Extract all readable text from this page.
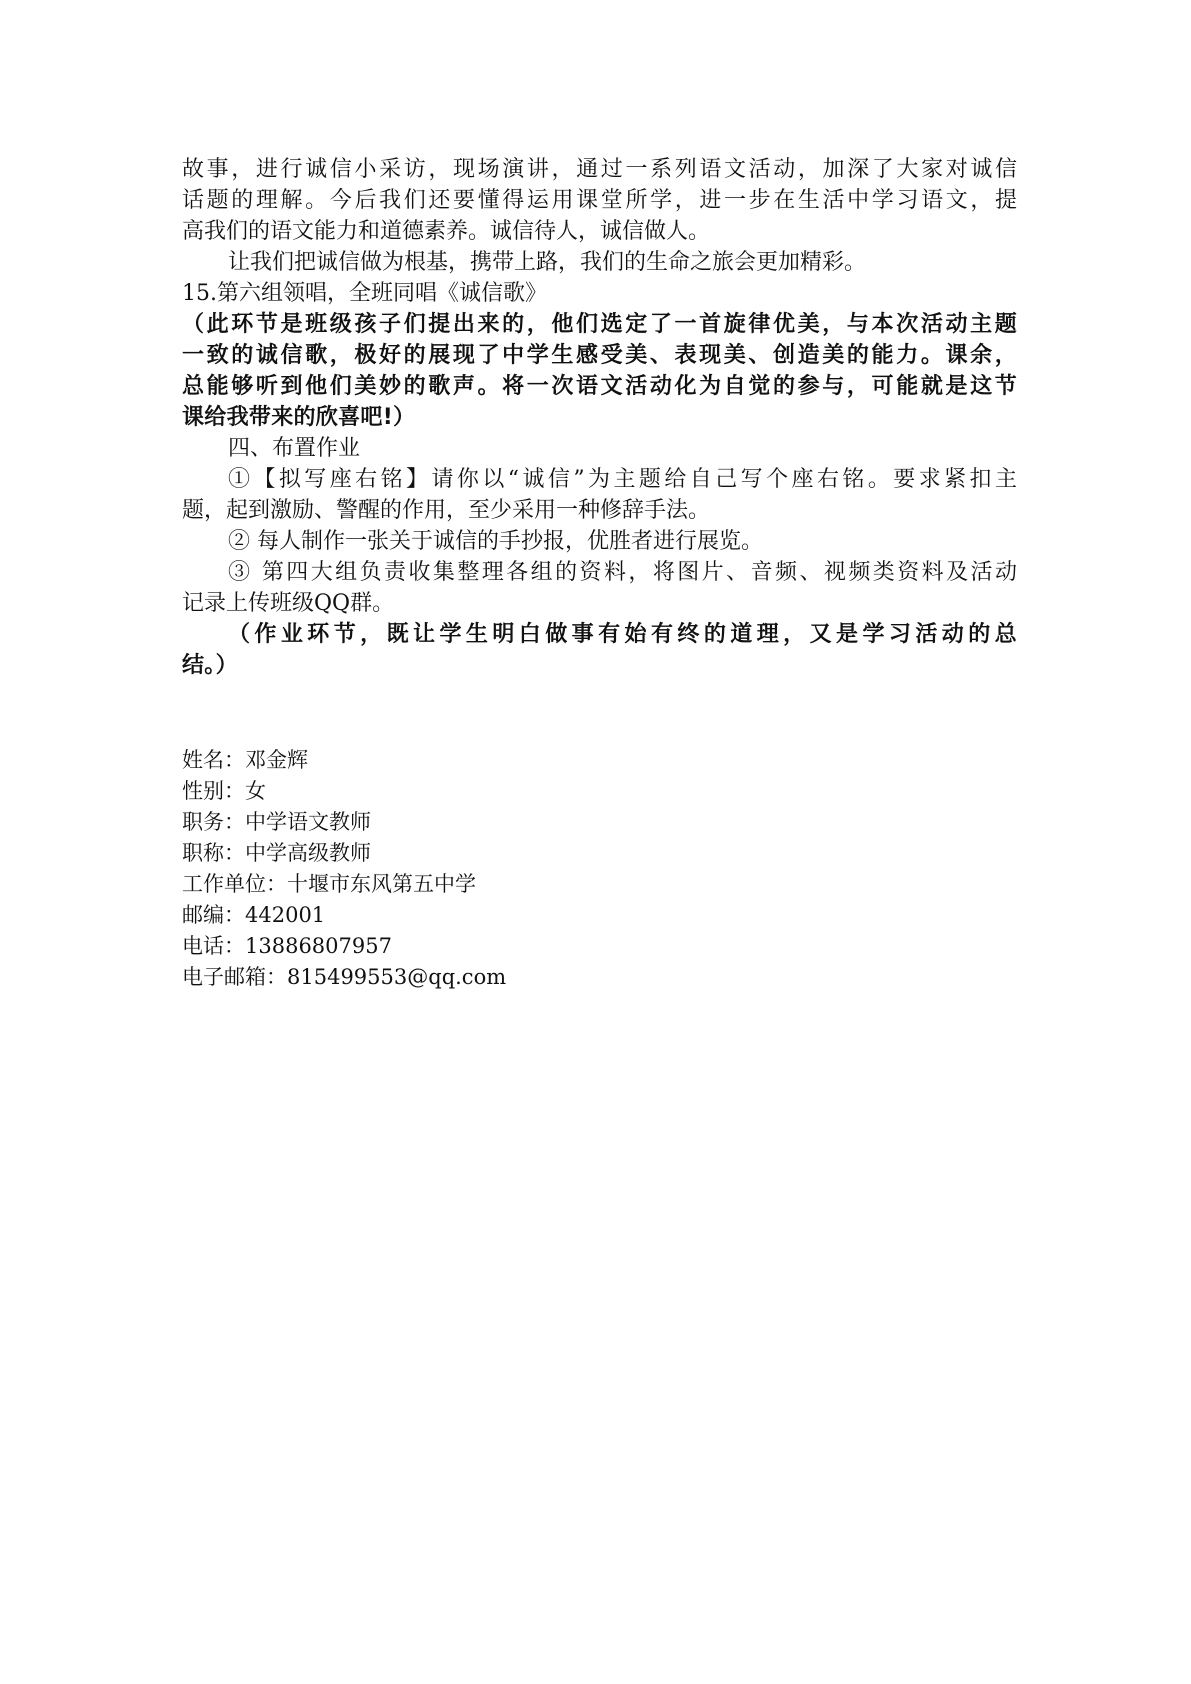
故事，进行诚信小采访，现场演讲，通过一系列语文活动，加深了大家对诚信
话题的理解。今后我们还要懂得运用课堂所学，进一步在生活中学习语文，提
高我们的语文能力和道德素养。诚信待人，诚信做人。
让我们把诚信做为根基，携带上路，我们的生命之旅会更加精彩。
15.第六组领唱，全班同唱《诚信歌》
（此环节是班级孩子们提出来的，他们选定了一首旋律优美，与本次活动主题
一致的诚信歌，极好的展现了中学生感受美、表现美、创造美的能力。课余，
总能够听到他们美妙的歌声。将一次语文活动化为自觉的参与，可能就是这节
课给我带来的欣喜吧!）
四、布置作业
①【拟写座右铭】请你以“诚信”为主题给自己写个座右铭。要求紧扣主
题，起到激励、警醒的作用，至少采用一种修辞手法。
② 每人制作一张关于诚信的手抄报，优胜者进行展览。
③ 第四大组负责收集整理各组的资料，将图片、音频、视频类资料及活动
记录上传班级QQ群。
（作业环节，既让学生明白做事有始有终的道理，又是学习活动的总
结。）
姓名：邓金辉
性别：女
职务：中学语文教师
职称：中学高级教师
工作单位：十堰市东风第五中学
邮编：442001
电话：13886807957
电子邮箱：815499553@qq.com
